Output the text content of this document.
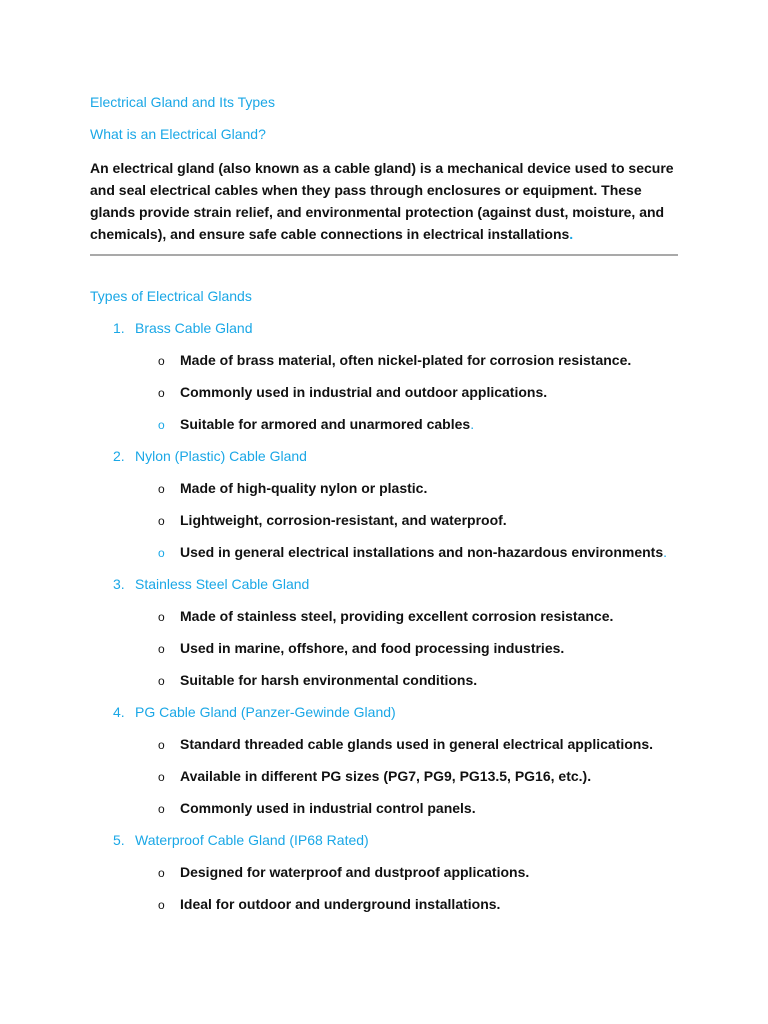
Electrical Gland and Its Types
What is an Electrical Gland?
An electrical gland (also known as a cable gland) is a mechanical device used to secure and seal electrical cables when they pass through enclosures or equipment. These glands provide strain relief, and environmental protection (against dust, moisture, and chemicals), and ensure safe cable connections in electrical installations.
Types of Electrical Glands
1. Brass Cable Gland
o Made of brass material, often nickel-plated for corrosion resistance.
o Commonly used in industrial and outdoor applications.
o Suitable for armored and unarmored cables.
2. Nylon (Plastic) Cable Gland
o Made of high-quality nylon or plastic.
o Lightweight, corrosion-resistant, and waterproof.
o Used in general electrical installations and non-hazardous environments.
3. Stainless Steel Cable Gland
o Made of stainless steel, providing excellent corrosion resistance.
o Used in marine, offshore, and food processing industries.
o Suitable for harsh environmental conditions.
4. PG Cable Gland (Panzer-Gewinde Gland)
o Standard threaded cable glands used in general electrical applications.
o Available in different PG sizes (PG7, PG9, PG13.5, PG16, etc.).
o Commonly used in industrial control panels.
5. Waterproof Cable Gland (IP68 Rated)
o Designed for waterproof and dustproof applications.
o Ideal for outdoor and underground installations.
